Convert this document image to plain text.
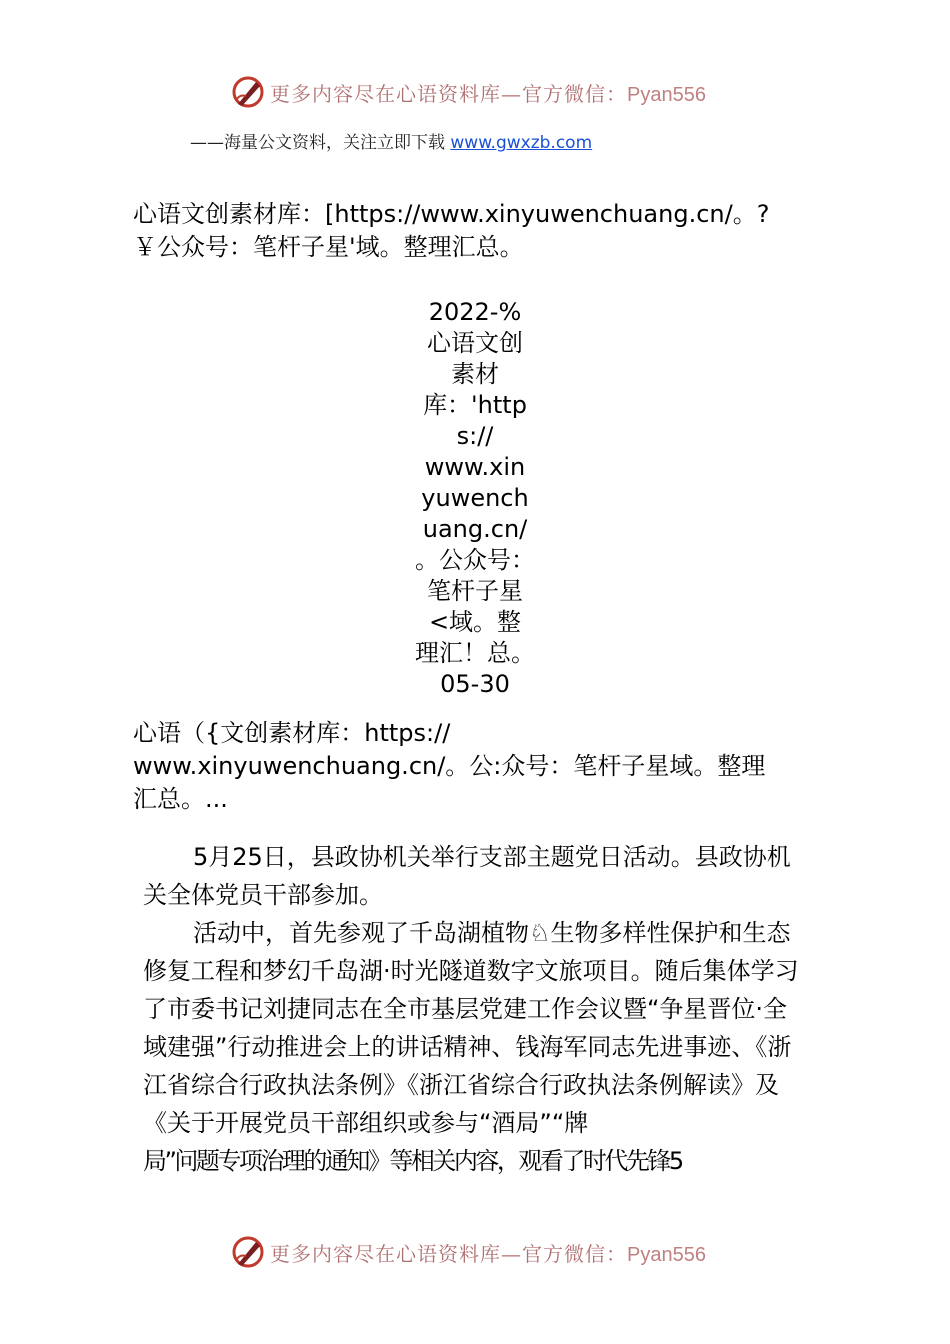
更多内容尽在心语资料库—官方微信：Pyan556
——海量公文资料，关注立即下载 www.gwxzb.com
心语文创素材库：[https://www.xinyuwenchuang.cn/。?
￥公众号：笔杆子星'域。整理汇总。
2022-%
心语文创
素材
库：'http
s://
www.xin
yuwench
uang.cn/
。公众号：
笔杆子星
<域。整
理汇！总。
05-30
心语（{文创素材库：https://
www.xinyuwenchuang.cn/。公:众号：笔杆子星域。整理
汇总。...
5月25日，县政协机关举行支部主题党日活动。县政协机关全体党员干部参加。
活动中，首先参观了千岛湖植物♘生物多样性保护和生态修复工程和梦幻千岛湖·时光隧道数字文旅项目。随后集体学习了市委书记刘捷同志在全市基层党建工作会议暨“争星晋位·全域建强”行动推进会上的讲话精神、钱海军同志先进事迹、《浙江省综合行政执法条例》《浙江省综合行政执法条例解读》及《关于开展党员干部组织或参与“酒局”“牌
局”问题专项治理的通知》等相关内容，观看了时代先锋5
更多内容尽在心语资料库—官方微信：Pyan556
